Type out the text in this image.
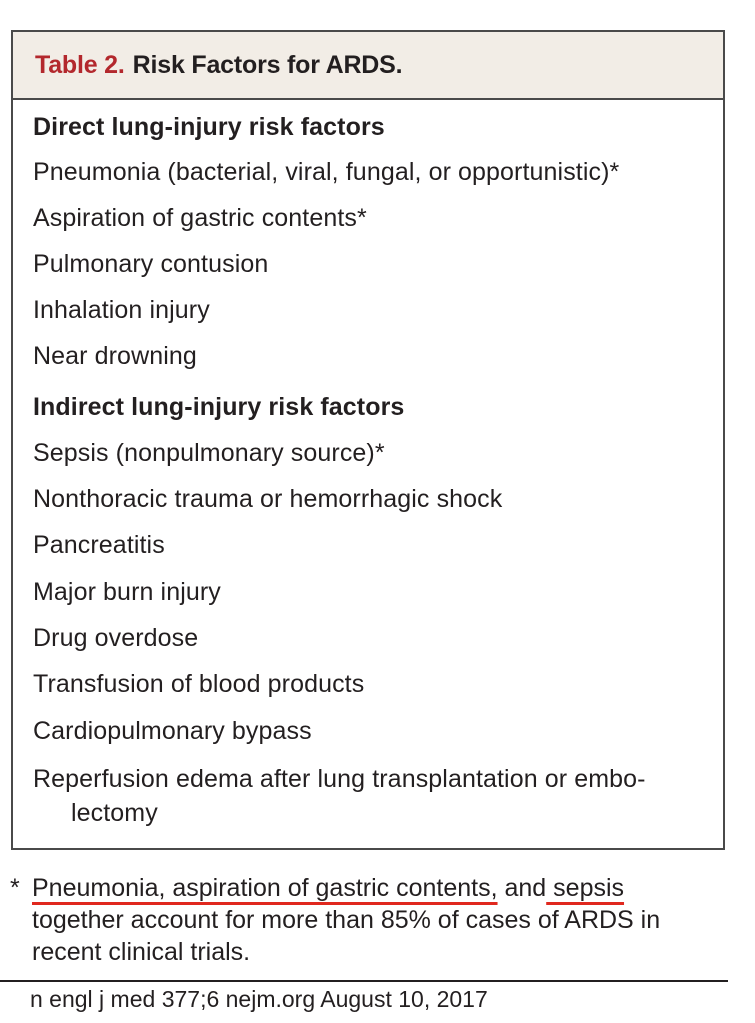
Table 2. Risk Factors for ARDS.
Direct lung-injury risk factors
Pneumonia (bacterial, viral, fungal, or opportunistic)*
Aspiration of gastric contents*
Pulmonary contusion
Inhalation injury
Near drowning
Indirect lung-injury risk factors
Sepsis (nonpulmonary source)*
Nonthoracic trauma or hemorrhagic shock
Pancreatitis
Major burn injury
Drug overdose
Transfusion of blood products
Cardiopulmonary bypass
Reperfusion edema after lung transplantation or embo-
lectomy
* Pneumonia, aspiration of gastric contents, and sepsis
together account for more than 85% of cases of ARDS in recent clinical trials.
n engl j med 377;6 nejm.org August 10, 2017
